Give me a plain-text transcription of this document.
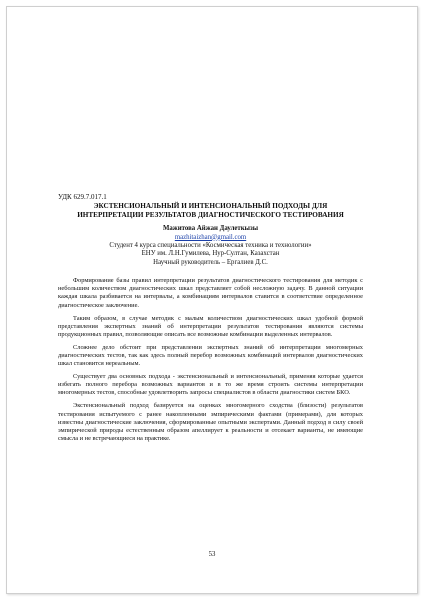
УДК 629.7.017.1
ЭКСТЕНСИОНАЛЬНЫЙ И ИНТЕНСИОНАЛЬНЫЙ ПОДХОДЫ ДЛЯ
ИНТЕРПРЕТАЦИИ РЕЗУЛЬТАТОВ ДИАГНОСТИЧЕСКОГО ТЕСТИРОВАНИЯ
Мажитова Айжан Даулеткызы
mazhitaizhan@gmail.com
Студент 4 курса специальности «Космическая техника и технологии»
ЕНУ им. Л.Н.Гумилева, Нур-Султан, Казахстан
Научный руководитель – Ергалиев Д.С.

Формирование базы правил интерпретации результатов диагностического тестирования для методик с небольшим количеством диагностических шкал представляет собой несложную задачу. В данной ситуации каждая шкала разбивается на интервалы, а комбинациям интервалов ставится в соответствие определенное диагностическое заключение.

Таким образом, в случае методик с малым количеством диагностических шкал удобной формой представления экспертных знаний об интерпретации результатов тестирования являются системы продукционных правил, позволяющие описать все возможные комбинации выделенных интервалов.

Сложнее дело обстоит при представлении экспертных знаний об интерпретации многомерных диагностических тестов, так как здесь полный перебор возможных комбинаций интервалов диагностических шкал становится нереальным.

Существует два основных подхода - экстенсиональный и интенсиональный, применяя которые удается избегать полного перебора возможных вариантов и в то же время строить системы интерпретации многомерных тестов, способные удовлетворить запросы специалистов в области диагностики систем БКО.

Экстенсиональный подход базируется на оценках многомерного сходства (близости) результатов тестирования испытуемого с ранее накопленными эмпирическими фактами (примерами), для которых известны диагностические заключения, сформированные опытными экспертами. Данный подход в силу своей эмпирической природы естественным образом апеллирует к реальности и отсекает варианты, не имеющие смысла и не встречающиеся на практике.

53
